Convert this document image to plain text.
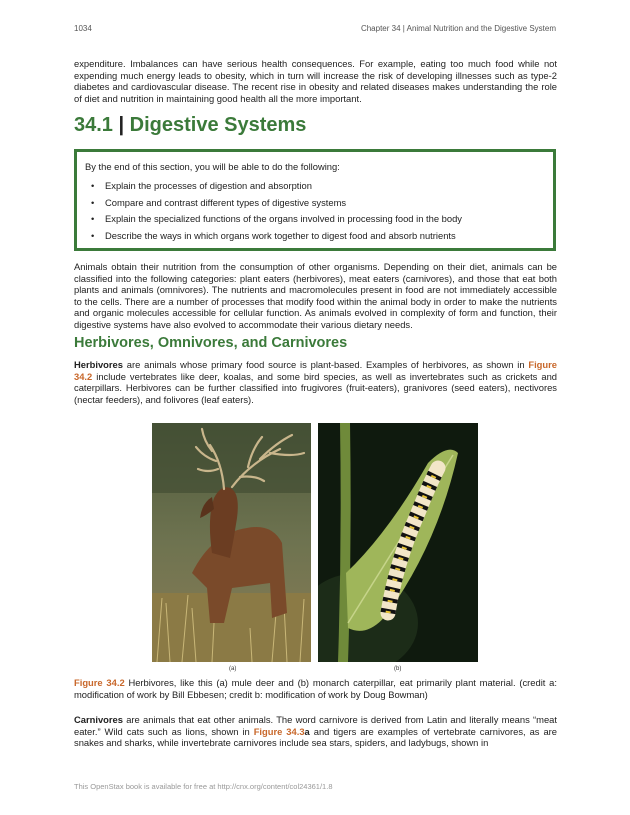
1034	Chapter 34 | Animal Nutrition and the Digestive System
expenditure. Imbalances can have serious health consequences. For example, eating too much food while not expending much energy leads to obesity, which in turn will increase the risk of developing illnesses such as type-2 diabetes and cardiovascular disease. The recent rise in obesity and related diseases makes understanding the role of diet and nutrition in maintaining good health all the more important.
34.1 | Digestive Systems
By the end of this section, you will be able to do the following:
• Explain the processes of digestion and absorption
• Compare and contrast different types of digestive systems
• Explain the specialized functions of the organs involved in processing food in the body
• Describe the ways in which organs work together to digest food and absorb nutrients
Animals obtain their nutrition from the consumption of other organisms. Depending on their diet, animals can be classified into the following categories: plant eaters (herbivores), meat eaters (carnivores), and those that eat both plants and animals (omnivores). The nutrients and macromolecules present in food are not immediately accessible to the cells. There are a number of processes that modify food within the animal body in order to make the nutrients and organic molecules accessible for cellular function. As animals evolved in complexity of form and function, their digestive systems have also evolved to accommodate their various dietary needs.
Herbivores, Omnivores, and Carnivores
Herbivores are animals whose primary food source is plant-based. Examples of herbivores, as shown in Figure 34.2 include vertebrates like deer, koalas, and some bird species, as well as invertebrates such as crickets and caterpillars. Herbivores can be further classified into frugivores (fruit-eaters), granivores (seed eaters), nectivores (nectar feeders), and folivores (leaf eaters).
(a)	(b)
Figure 34.2 Herbivores, like this (a) mule deer and (b) monarch caterpillar, eat primarily plant material. (credit a: modification of work by Bill Ebbesen; credit b: modification of work by Doug Bowman)
Carnivores are animals that eat other animals. The word carnivore is derived from Latin and literally means “meat eater.” Wild cats such as lions, shown in Figure 34.3a and tigers are examples of vertebrate carnivores, as are snakes and sharks, while invertebrate carnivores include sea stars, spiders, and ladybugs, shown in
This OpenStax book is available for free at http://cnx.org/content/col24361/1.8
